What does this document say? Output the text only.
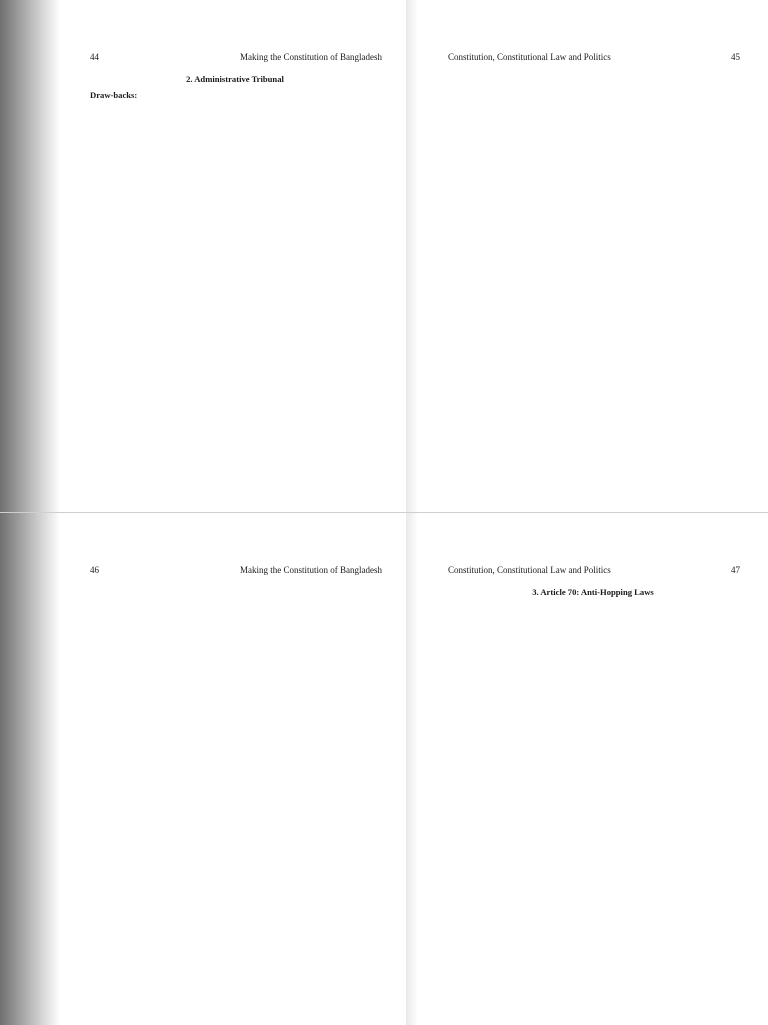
44	Making the Constitution of Bangladesh
2. Administrative Tribunal
Draw-backs:
Constitution, Constitutional Law and Politics	45
46	Making the Constitution of Bangladesh	Constitution, Constitutional Law and Politics	47
3. Article 70: Anti-Hopping Laws
